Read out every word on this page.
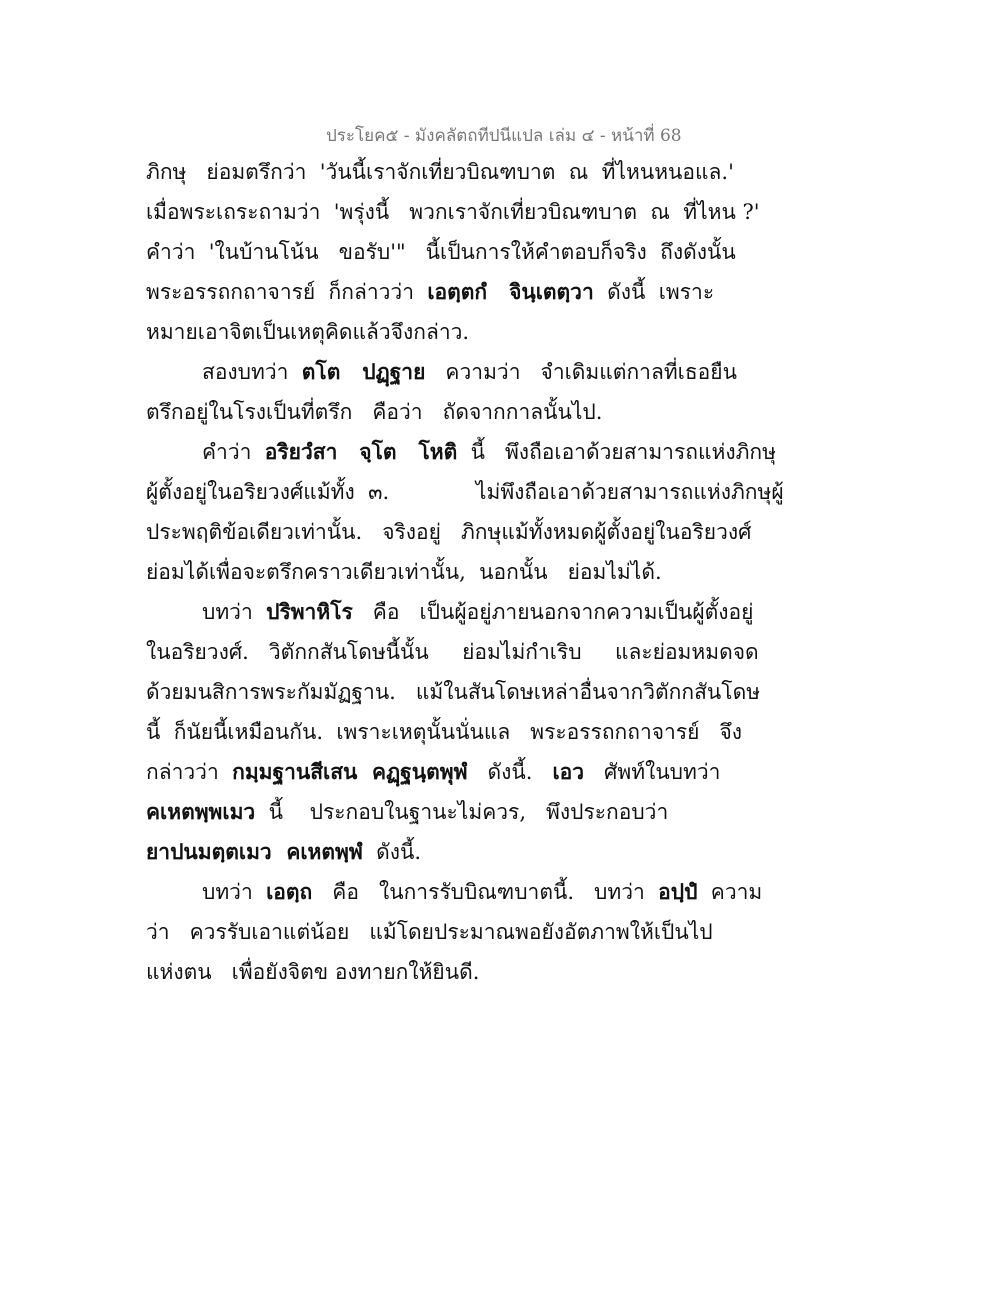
ประโยค๕ - มังคลัตถทีปนีแปล เล่ม ๔ - หน้าที่ 68
ภิกษุ   ย่อมตรึกว่า  'วันนี้เราจักเที่ยวบิณฑบาต  ณ  ที่ไหนหนอแล.'
เมื่อพระเถระถามว่า  'พรุ่งนี้   พวกเราจักเที่ยวบิณฑบาต  ณ  ที่ไหน ?'
คำว่า  'ในบ้านโน้น   ขอรับ'"   นี้เป็นการให้คำตอบก็จริง  ถึงดังนั้น
พระอรรถกถาจารย์  ก็กล่าวว่า  เอตฺตกํ   จินฺเตตฺวา  ดังนี้  เพราะ
หมายเอาจิตเป็นเหตุคิดแล้วจึงกล่าว.
สองบทว่า  ตโต   ปฏฺฐาย   ความว่า   จำเดิมแต่กาลที่เธอยืน
ตรึกอยู่ในโรงเป็นที่ตรึก   คือว่า   ถัดจากกาลนั้นไป.
คำว่า  อริยวํสา   จฺโต   โหติ  นี้   พึงถือเอาด้วยสามารถแห่งภิกษุ
ผู้ตั้งอยู่ในอริยวงศ์แม้ทั้ง  ๓.             ไม่พึงถือเอาด้วยสามารถแห่งภิกษุผู้
ประพฤติข้อเดียวเท่านั้น.   จริงอยู่   ภิกษุแม้ทั้งหมดผู้ตั้งอยู่ในอริยวงศ์
ย่อมได้เพื่อจะตรึกคราวเดียวเท่านั้น,  นอกนั้น   ย่อมไม่ได้.
บทว่า  ปริพาหิโร   คือ   เป็นผู้อยู่ภายนอกจากความเป็นผู้ตั้งอยู่
ในอริยวงศ์.   วิตักกสันโดษนี้นั้น     ย่อมไม่กำเริบ     และย่อมหมดจด
ด้วยมนสิการพระกัมมัฏฐาน.   แม้ในสันโดษเหล่าอื่นจากวิตักกสันโดษ
นี้  ก็นัยนี้เหมือนกัน.  เพราะเหตุนั้นนั่นแล   พระอรรถกถาจารย์   จึง
กล่าวว่า  กมฺมฐานสีเสน  คฏฺฐนฺตพุพํ   ดังนี้.   เอว   ศัพท์ในบทว่า
คเหตพฺพเมว  นี้    ประกอบในฐานะไม่ควร,   พึงประกอบว่า
ยาปนมตฺตเมว  คเหตพฺพํ  ดังนี้.
บทว่า  เอตฺถ   คือ   ในการรับบิณฑบาตนี้.   บทว่า  อปฺปํ  ความ
ว่า   ควรรับเอาแต่น้อย   แม้โดยประมาณพอยังอัตภาพให้เป็นไป
แห่งตน   เพื่อยังจิตข องทายกให้ยินดี.
